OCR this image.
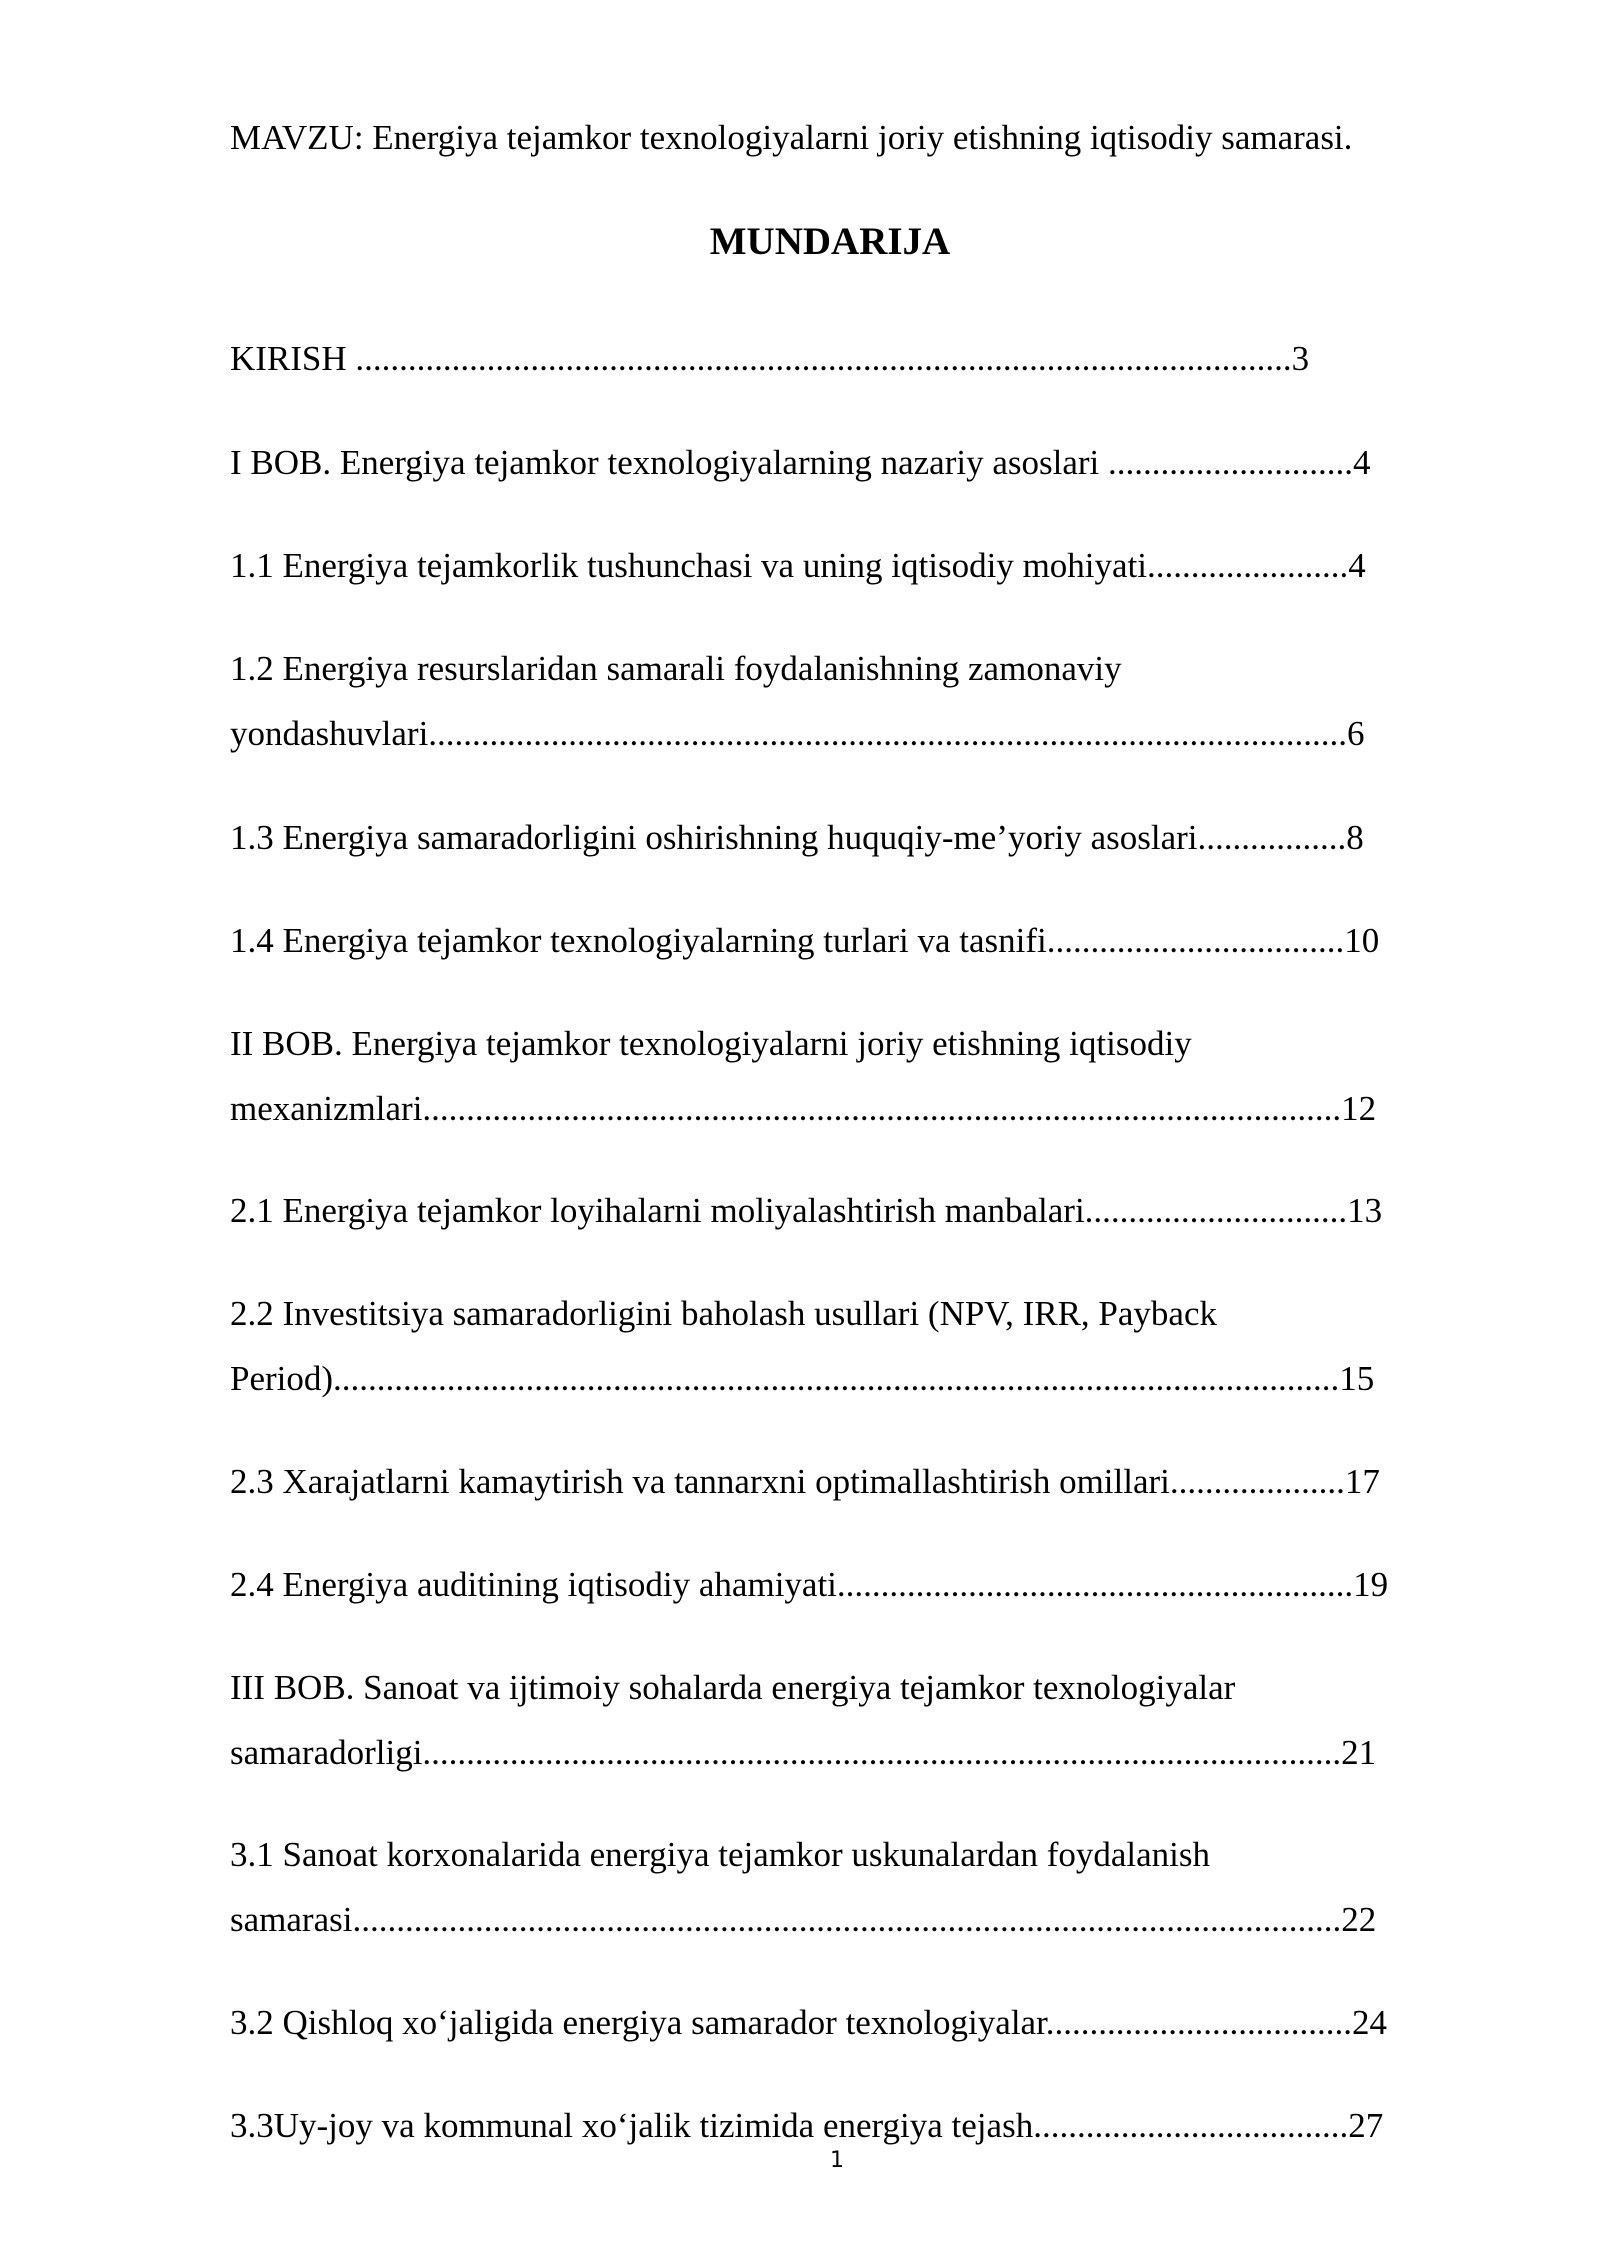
MAVZU: Energiya tejamkor texnologiyalarni joriy etishning iqtisodiy samarasi.
MUNDARIJA
KIRISH ...........................................................................................................3
I BOB. Energiya tejamkor texnologiyalarning nazariy asoslari ............................4
1.1 Energiya tejamkorlik tushunchasi va uning iqtisodiy mohiyati.......................4
1.2 Energiya resurslaridan samarali foydalanishning zamonaviy
yondashuvlari.........................................................................................................6
1.3 Energiya samaradorligini oshirishning huquqiy-me’yoriy asoslari.................8
1.4 Energiya tejamkor texnologiyalarning turlari va tasnifi..................................10
II BOB. Energiya tejamkor texnologiyalarni joriy etishning iqtisodiy
mexanizmlari.........................................................................................................12
2.1 Energiya tejamkor loyihalarni moliyalashtirish manbalari..............................13
2.2 Investitsiya samaradorligini baholash usullari (NPV, IRR, Payback
Period)...................................................................................................................15
2.3 Xarajatlarni kamaytirish va tannarxni optimallashtirish omillari....................17
2.4 Energiya auditining iqtisodiy ahamiyati...........................................................19
III BOB. Sanoat va ijtimoiy sohalarda energiya tejamkor texnologiyalar
samaradorligi.........................................................................................................21
3.1 Sanoat korxonalarida energiya tejamkor uskunalardan foydalanish
samarasi.................................................................................................................22
3.2 Qishloq xo‘jaligida energiya samarador texnologiyalar...................................24
3.3Uy-joy va kommunal xo‘jalik tizimida energiya tejash....................................27
1
